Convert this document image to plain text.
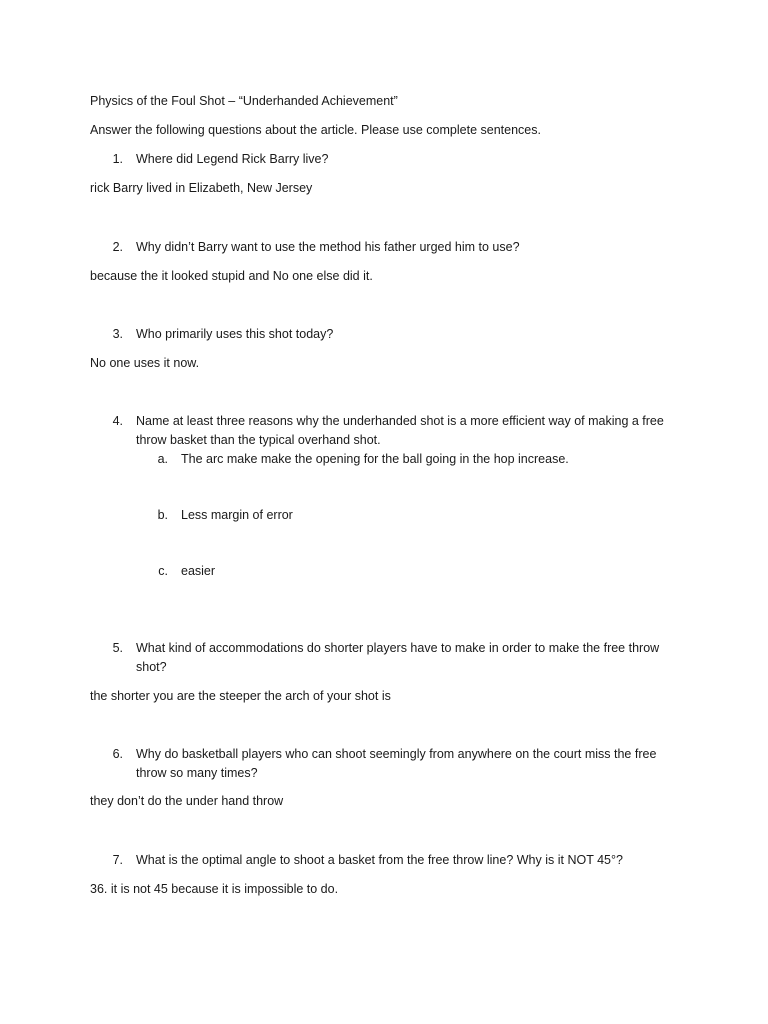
Physics of the Foul Shot – “Underhanded Achievement”
Answer the following questions about the article. Please use complete sentences.
1. Where did Legend Rick Barry live?
rick Barry lived in Elizabeth, New Jersey
2. Why didn’t Barry want to use the method his father urged him to use?
because the it looked stupid and No one else did it.
3. Who primarily uses this shot today?
No one uses it now.
4. Name at least three reasons why the underhanded shot is a more efficient way of making a free throw basket than the typical overhand shot.
a. The arc make make the opening for the ball going in the hop increase.
b. Less margin of error
c. easier
5. What kind of accommodations do shorter players have to make in order to make the free throw shot?
the shorter you are the steeper the arch of your shot is
6. Why do basketball players who can shoot seemingly from anywhere on the court miss the free throw so many times?
they don’t do the under hand throw
7. What is the optimal angle to shoot a basket from the free throw line? Why is it NOT 45°?
36. it is not 45 because it is impossible to do.
